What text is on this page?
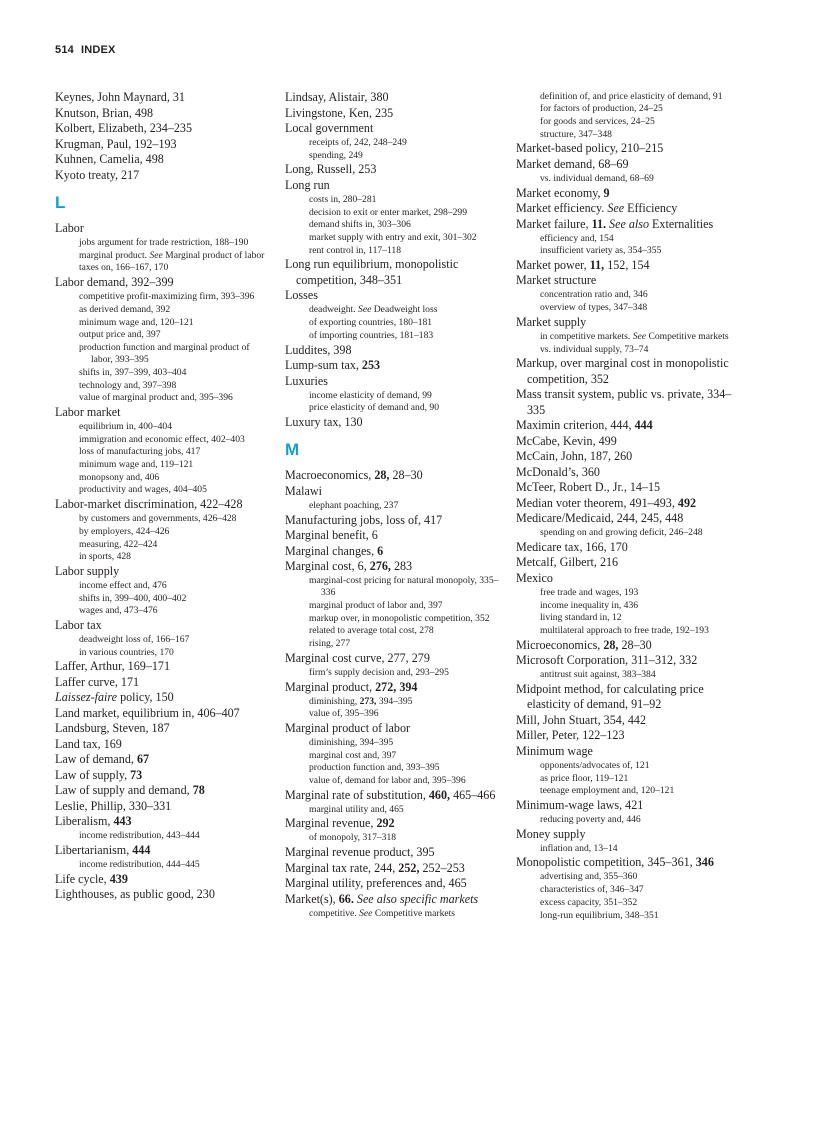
514 INDEX
Keynes, John Maynard, 31
Knutson, Brian, 498
Kolbert, Elizabeth, 234–235
Krugman, Paul, 192–193
Kuhnen, Camelia, 498
Kyoto treaty, 217
L
Labor
jobs argument for trade restriction, 188–190
marginal product. See Marginal product of labor
taxes on, 166–167, 170
Labor demand, 392–399
competitive profit-maximizing firm, 393–396
as derived demand, 392
minimum wage and, 120–121
output price and, 397
production function and marginal product of labor, 393–395
shifts in, 397–399, 403–404
technology and, 397–398
value of marginal product and, 395–396
Labor market
equilibrium in, 400–404
immigration and economic effect, 402–403
loss of manufacturing jobs, 417
minimum wage and, 119–121
monopsony and, 406
productivity and wages, 404–405
Labor-market discrimination, 422–428
by customers and governments, 426–428
by employers, 424–426
measuring, 422–424
in sports, 428
Labor supply
income effect and, 476
shifts in, 399–400, 400–402
wages and, 473–476
Labor tax
deadweight loss of, 166–167
in various countries, 170
Laffer, Arthur, 169–171
Laffer curve, 171
Laissez-faire policy, 150
Land market, equilibrium in, 406–407
Landsburg, Steven, 187
Land tax, 169
Law of demand, 67
Law of supply, 73
Law of supply and demand, 78
Leslie, Phillip, 330–331
Liberalism, 443
income redistribution, 443–444
Libertarianism, 444
income redistribution, 444–445
Life cycle, 439
Lighthouses, as public good, 230
Lindsay, Alistair, 380
Livingstone, Ken, 235
Local government
receipts of, 242, 248–249
spending, 249
Long, Russell, 253
Long run
costs in, 280–281
decision to exit or enter market, 298–299
demand shifts in, 303–306
market supply with entry and exit, 301–302
rent control in, 117–118
Long run equilibrium, monopolistic competition, 348–351
Losses
deadweight. See Deadweight loss
of exporting countries, 180–181
of importing countries, 181–183
Luddites, 398
Lump-sum tax, 253
Luxuries
income elasticity of demand, 99
price elasticity of demand and, 90
Luxury tax, 130
M
Macroeconomics, 28, 28–30
Malawi
elephant poaching, 237
Manufacturing jobs, loss of, 417
Marginal benefit, 6
Marginal changes, 6
Marginal cost, 6, 276, 283
marginal-cost pricing for natural monopoly, 335–336
marginal product of labor and, 397
markup over, in monopolistic competition, 352
related to average total cost, 278
rising, 277
Marginal cost curve, 277, 279
firm’s supply decision and, 293–295
Marginal product, 272, 394
diminishing, 273, 394–395
value of, 395–396
Marginal product of labor
diminishing, 394–395
marginal cost and, 397
production function and, 393–395
value of, demand for labor and, 395–396
Marginal rate of substitution, 460, 465–466
marginal utility and, 465
Marginal revenue, 292
of monopoly, 317–318
Marginal revenue product, 395
Marginal tax rate, 244, 252, 252–253
Marginal utility, preferences and, 465
Market(s), 66. See also specific markets
competitive. See Competitive markets
definition of, and price elasticity of demand, 91
for factors of production, 24–25
for goods and services, 24–25
structure, 347–348
Market-based policy, 210–215
Market demand, 68–69
vs. individual demand, 68–69
Market economy, 9
Market efficiency. See Efficiency
Market failure, 11. See also Externalities
efficiency and, 154
insufficient variety as, 354–355
Market power, 11, 152, 154
Market structure
concentration ratio and, 346
overview of types, 347–348
Market supply
in competitive markets. See Competitive markets
vs. individual supply, 73–74
Markup, over marginal cost in monopolistic competition, 352
Mass transit system, public vs. private, 334–335
Maximin criterion, 444, 444
McCabe, Kevin, 499
McCain, John, 187, 260
McDonald’s, 360
McTeer, Robert D., Jr., 14–15
Median voter theorem, 491–493, 492
Medicare/Medicaid, 244, 245, 448
spending on and growing deficit, 246–248
Medicare tax, 166, 170
Metcalf, Gilbert, 216
Mexico
free trade and wages, 193
income inequality in, 436
living standard in, 12
multilateral approach to free trade, 192–193
Microeconomics, 28, 28–30
Microsoft Corporation, 311–312, 332
antitrust suit against, 383–384
Midpoint method, for calculating price elasticity of demand, 91–92
Mill, John Stuart, 354, 442
Miller, Peter, 122–123
Minimum wage
opponents/advocates of, 121
as price floor, 119–121
teenage employment and, 120–121
Minimum-wage laws, 421
reducing poverty and, 446
Money supply
inflation and, 13–14
Monopolistic competition, 345–361, 346
advertising and, 355–360
characteristics of, 346–347
excess capacity, 351–352
long-run equilibrium, 348–351
